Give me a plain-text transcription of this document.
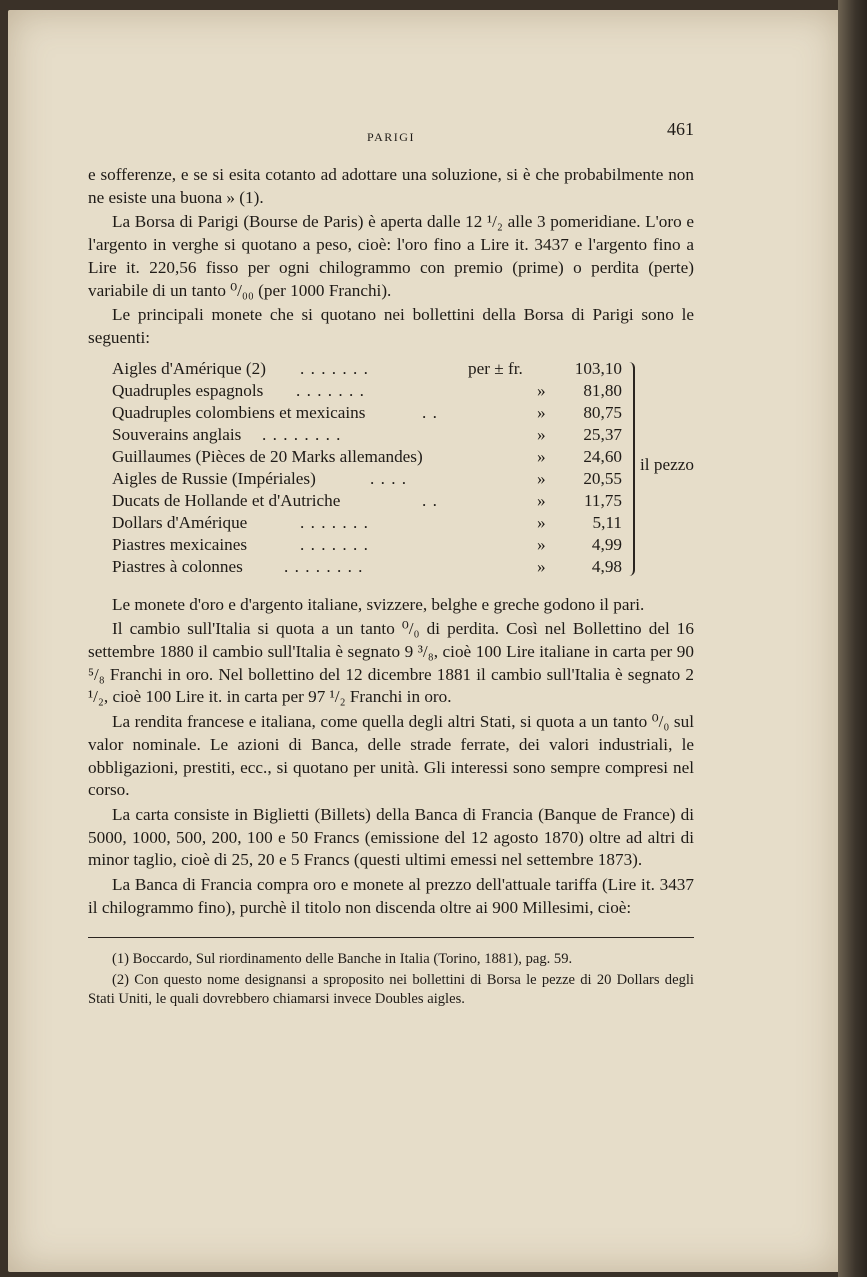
PARIGI	461

e sofferenze, e se si esita cotanto ad adottare una soluzione, si è che probabilmente non ne esiste una buona » (1).

La Borsa di Parigi (Bourse de Paris) è aperta dalle 12 ¹/₂ alle 3 pomeridiane. L'oro e l'argento in verghe si quotano a peso, cioè: l'oro fino a Lire it. 3437 e l'argento fino a Lire it. 220,56 fisso per ogni chilogrammo con premio (prime) o perdita (perte) variabile di un tanto ⁰/₀₀ (per 1000 Franchi).

Le principali monete che si quotano nei bollettini della Borsa di Parigi sono le seguenti:

Aigles d'Amérique (2) . . . . . . .	per ± fr.	103,10
Quadruples espagnols . . . . . . .	»	81,80
Quadruples colombiens et mexicains	. .	»	80,75
Souverains anglais . . . . . . . .	»	25,37
Guillaumes (Pièces de 20 Marks allemandes)	»	24,60
Aigles de Russie (Impériales)	. . . .	»	20,55
Ducats de Hollande et d'Autriche	. .	»	11,75
Dollars d'Amérique	. . . . . . .	»	5,11
Piastres mexicaines	. . . . . . .	»	4,99
Piastres à colonnes . . . . . . . .	»	4,98
il pezzo

Le monete d'oro e d'argento italiane, svizzere, belghe e greche godono il pari.

Il cambio sull'Italia si quota a un tanto ⁰/₀ di perdita. Così nel Bollettino del 16 settembre 1880 il cambio sull'Italia è segnato 9 ³/₈, cioè 100 Lire italiane in carta per 90 ⁵/₈ Franchi in oro. Nel bollettino del 12 dicembre 1881 il cambio sull'Italia è segnato 2 ¹/₂, cioè 100 Lire it. in carta per 97 ¹/₂ Franchi in oro.

La rendita francese e italiana, come quella degli altri Stati, si quota a un tanto ⁰/₀ sul valor nominale. Le azioni di Banca, delle strade ferrate, dei valori industriali, le obbligazioni, prestiti, ecc., si quotano per unità. Gli interessi sono sempre compresi nel corso.

La carta consiste in Biglietti (Billets) della Banca di Francia (Banque de France) di 5000, 1000, 500, 200, 100 e 50 Francs (emissione del 12 agosto 1870) oltre ad altri di minor taglio, cioè di 25, 20 e 5 Francs (questi ultimi emessi nel settembre 1873).

La Banca di Francia compra oro e monete al prezzo dell'attuale tariffa (Lire it. 3437 il chilogrammo fino), purchè il titolo non discenda oltre ai 900 Millesimi, cioè:

(1) Boccardo, Sul riordinamento delle Banche in Italia (Torino, 1881), pag. 59.

(2) Con questo nome designansi a sproposito nei bollettini di Borsa le pezze di 20 Dollars degli Stati Uniti, le quali dovrebbero chiamarsi invece Doubles aigles.
